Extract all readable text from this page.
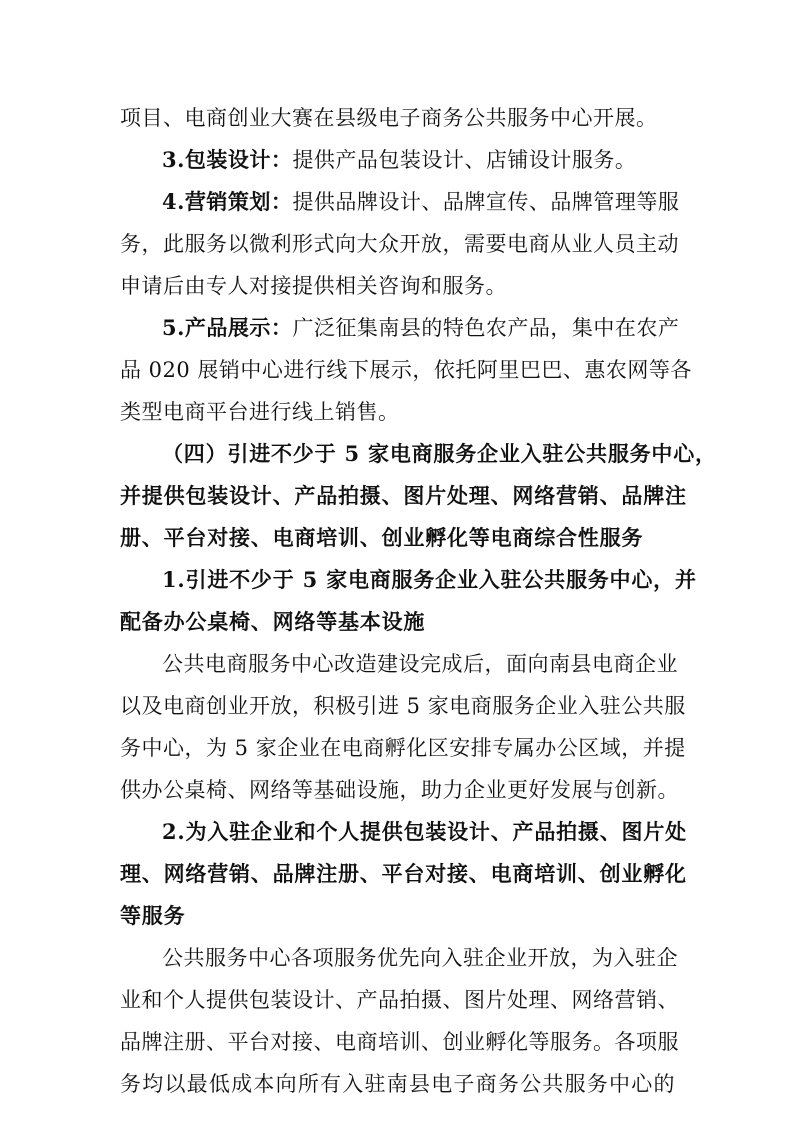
项目、电商创业大赛在县级电子商务公共服务中心开展。
3.包装设计：提供产品包装设计、店铺设计服务。
4.营销策划：提供品牌设计、品牌宣传、品牌管理等服
务，此服务以微利形式向大众开放，需要电商从业人员主动
申请后由专人对接提供相关咨询和服务。
5.产品展示：广泛征集南县的特色农产品，集中在农产
品 020 展销中心进行线下展示，依托阿里巴巴、惠农网等各
类型电商平台进行线上销售。
（四）引进不少于 5 家电商服务企业入驻公共服务中心，
并提供包装设计、产品拍摄、图片处理、网络营销、品牌注
册、平台对接、电商培训、创业孵化等电商综合性服务
1.引进不少于 5 家电商服务企业入驻公共服务中心，并
配备办公桌椅、网络等基本设施
公共电商服务中心改造建设完成后，面向南县电商企业
以及电商创业开放，积极引进 5 家电商服务企业入驻公共服
务中心，为 5 家企业在电商孵化区安排专属办公区域，并提
供办公桌椅、网络等基础设施，助力企业更好发展与创新。
2.为入驻企业和个人提供包装设计、产品拍摄、图片处
理、网络营销、品牌注册、平台对接、电商培训、创业孵化
等服务
公共服务中心各项服务优先向入驻企业开放，为入驻企
业和个人提供包装设计、产品拍摄、图片处理、网络营销、
品牌注册、平台对接、电商培训、创业孵化等服务。各项服
务均以最低成本向所有入驻南县电子商务公共服务中心的
